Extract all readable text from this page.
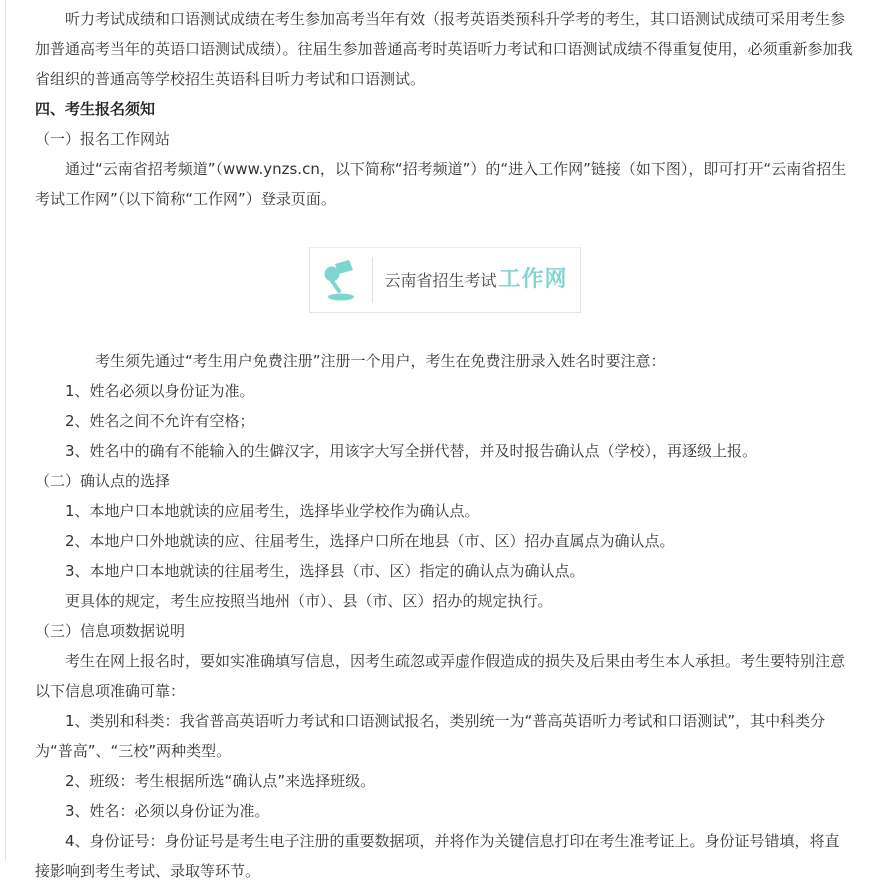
听力考试成绩和口语测试成绩在考生参加高考当年有效（报考英语类预科升学考的考生，其口语测试成绩可采用考生参加普通高考当年的英语口语测试成绩）。往届生参加普通高考时英语听力考试和口语测试成绩不得重复使用，必须重新参加我省组织的普通高等学校招生英语科目听力考试和口语测试。

四、考生报名须知

（一）报名工作网站

通过“云南省招考频道”（www.ynzs.cn，以下简称“招考频道”）的“进入工作网”链接（如下图），即可打开“云南省招生考试工作网”（以下简称“工作网”）登录页面。

云南省招生考试工作网

考生须先通过“考生用户免费注册”注册一个用户，考生在免费注册录入姓名时要注意：

1、姓名必须以身份证为准。

2、姓名之间不允许有空格；

3、姓名中的确有不能输入的生僻汉字，用该字大写全拼代替，并及时报告确认点（学校），再逐级上报。

（二）确认点的选择

1、本地户口本地就读的应届考生，选择毕业学校作为确认点。

2、本地户口外地就读的应、往届考生，选择户口所在地县（市、区）招办直属点为确认点。

3、本地户口本地就读的往届考生，选择县（市、区）指定的确认点为确认点。

更具体的规定，考生应按照当地州（市）、县（市、区）招办的规定执行。

（三）信息项数据说明

考生在网上报名时，要如实准确填写信息，因考生疏忽或弄虚作假造成的损失及后果由考生本人承担。考生要特别注意以下信息项准确可靠：

1、类别和科类：我省普高英语听力考试和口语测试报名，类别统一为“普高英语听力考试和口语测试”，其中科类分为“普高”、“三校”两种类型。

2、班级：考生根据所选“确认点”来选择班级。

3、姓名：必须以身份证为准。

4、身份证号：身份证号是考生电子注册的重要数据项，并将作为关键信息打印在考生准考证上。身份证号错填，将直接影响到考生考试、录取等环节。
